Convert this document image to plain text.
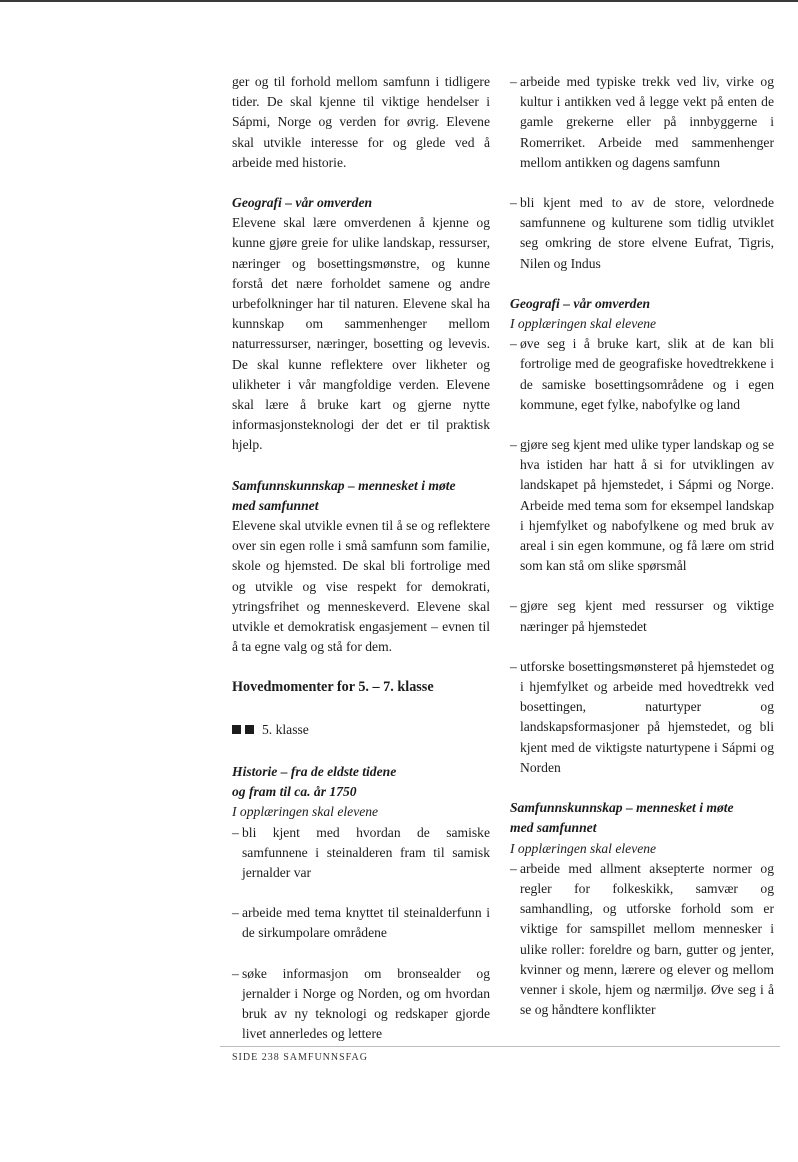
ger og til forhold mellom samfunn i tidligere tider. De skal kjenne til viktige hendelser i Sápmi, Norge og verden for øvrig. Elevene skal utvikle interesse for og glede ved å arbeide med historie.

Geografi – vår omverden

Elevene skal lære omverdenen å kjenne og kunne gjøre greie for ulike landskap, ressurser, næringer og bosettingsmønstre, og kunne forstå det nære forholdet samene og andre urbefolkninger har til naturen. Elevene skal ha kunnskap om sammenhenger mellom naturressurser, næringer, bosetting og levevis. De skal kunne reflektere over likheter og ulikheter i vår mangfoldige verden. Elevene skal lære å bruke kart og gjerne nytte informasjonsteknologi der det er til praktisk hjelp.

Samfunnskunnskap – mennesket i møte

med samfunnet

Elevene skal utvikle evnen til å se og reflektere over sin egen rolle i små samfunn som familie, skole og hjemsted. De skal bli fortrolige med og utvikle og vise respekt for demokrati, ytringsfrihet og menneskeverd. Elevene skal utvikle et demokratisk engasjement – evnen til å ta egne valg og stå for dem.

Hovedmomenter for 5. – 7. klasse

5. klasse

Historie – fra de eldste tidene

og fram til ca. år 1750

I opplæringen skal elevene

– bli kjent med hvordan de samiske samfunnene i steinalderen fram til samisk jernalder var
– arbeide med tema knyttet til steinalderfunn i de sirkumpolare områdene
– søke informasjon om bronsealder og jernalder i Norge og Norden, og om hvordan bruk av ny teknologi og redskaper gjorde livet annerledes og lettere
– arbeide med typiske trekk ved liv, virke og kultur i antikken ved å legge vekt på enten de gamle grekerne eller på innbyggerne i Romerriket. Arbeide med sammenhenger mellom antikken og dagens samfunn
– bli kjent med to av de store, velordnede samfunnene og kulturene som tidlig utviklet seg omkring de store elvene Eufrat, Tigris, Nilen og Indus

Geografi – vår omverden

I opplæringen skal elevene

– øve seg i å bruke kart, slik at de kan bli fortrolige med de geografiske hovedtrekkene i de samiske bosettingsområdene og i egen kommune, eget fylke, nabofylke og land
– gjøre seg kjent med ulike typer landskap og se hva istiden har hatt å si for utviklingen av landskapet på hjemstedet, i Sápmi og Norge. Arbeide med tema som for eksempel landskap i hjemfylket og nabofylkene og med bruk av areal i sin egen kommune, og få lære om strid som kan stå om slike spørsmål
– gjøre seg kjent med ressurser og viktige næringer på hjemstedet
– utforske bosettingsmønsteret på hjemstedet og i hjemfylket og arbeide med hovedtrekk ved bosettingen, naturtyper og landskapsformasjoner på hjemstedet, og bli kjent med de viktigste naturtypene i Sápmi og Norden

Samfunnskunnskap – mennesket i møte

med samfunnet

I opplæringen skal elevene

– arbeide med allment aksepterte normer og regler for folkeskikk, samvær og samhandling, og utforske forhold som er viktige for samspillet mellom mennesker i ulike roller: foreldre og barn, gutter og jenter, kvinner og menn, lærere og elever og mellom venner i skole, hjem og nærmiljø. Øve seg i å se og håndtere konflikter
SIDE 238 SAMFUNNSFAG
